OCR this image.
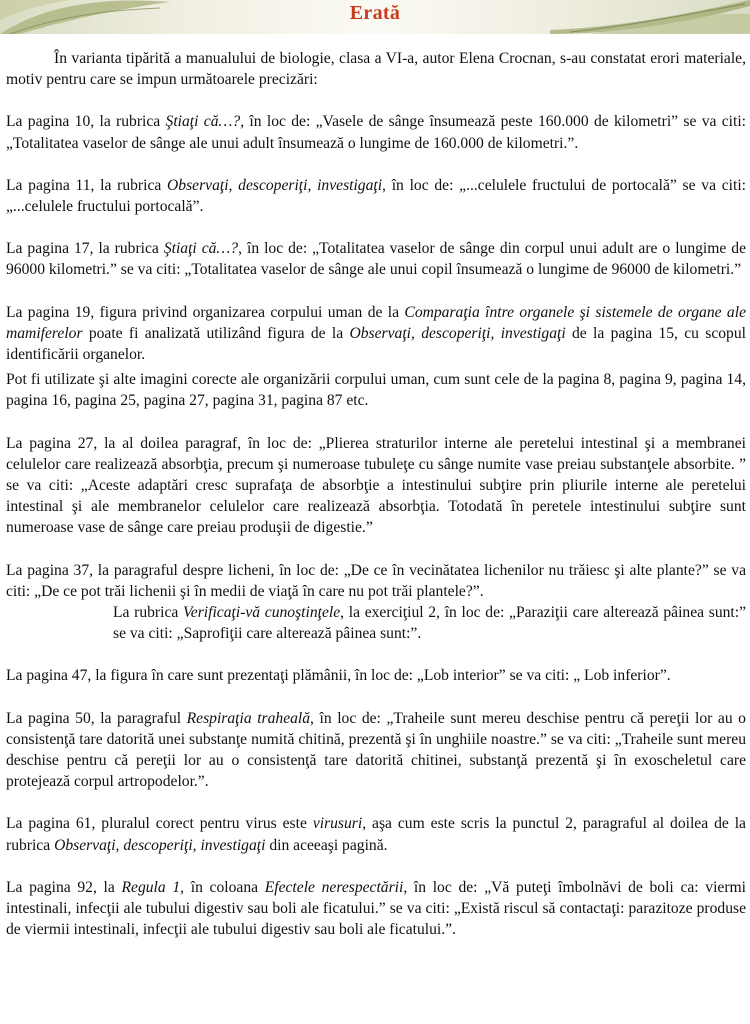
Erată

În varianta tipărită a manualului de biologie, clasa a VI-a, autor Elena Crocnan, s-au constatat erori materiale, motiv pentru care se impun următoarele precizări:

La pagina 10, la rubrica Ştiaţi că…?, în loc de: „Vasele de sânge însumează peste 160.000 de kilometri” se va citi: „Totalitatea vaselor de sânge ale unui adult însumează o lungime de 160.000 de kilometri.”.

La pagina 11, la rubrica Observaţi, descoperiţi, investigaţi, în loc de: „...celulele fructului de portocală” se va citi: „...celulele fructului portocală”.

La pagina 17, la rubrica Ştiaţi că…?, în loc de: „Totalitatea vaselor de sânge din corpul unui adult are o lungime de 96000 kilometri.” se va citi: „Totalitatea vaselor de sânge ale unui copil însumează o lungime de 96000 de kilometri.”

La pagina 19, figura privind organizarea corpului uman de la Comparaţia între organele şi sistemele de organe ale mamiferelor poate fi analizată utilizând figura de la Observaţi, descoperiţi, investigaţi de la pagina 15, cu scopul identificării organelor.

Pot fi utilizate şi alte imagini corecte ale organizării corpului uman, cum sunt cele de la pagina 8, pagina 9, pagina 14, pagina 16, pagina 25, pagina 27, pagina 31, pagina 87 etc.

La pagina 27, la al doilea paragraf, în loc de: „Plierea straturilor interne ale peretelui intestinal şi a membranei celulelor care realizează absorbţia, precum şi numeroase tubuleţe cu sânge numite vase preiau substanţele absorbite. ” se va citi: „Aceste adaptări cresc suprafaţa de absorbţie a intestinului subţire prin pliurile interne ale peretelui intestinal şi ale membranelor celulelor care realizează absorbţia. Totodată în peretele intestinului subţire sunt numeroase vase de sânge care preiau produşii de digestie.”

La pagina 37, la paragraful despre licheni, în loc de: „De ce în vecinătatea lichenilor nu trăiesc şi alte plante?” se va citi: „De ce pot trăi lichenii şi în medii de viaţă în care nu pot trăi plantele?”.

La rubrica Verificaţi-vă cunoştinţele, la exerciţiul 2, în loc de: „Paraziţii care alterează pâinea sunt:” se va citi: „Saprofiţii care alterează pâinea sunt:”.

La pagina 47, la figura în care sunt prezentaţi plămânii, în loc de: „Lob interior” se va citi: „ Lob inferior”.

La pagina 50, la paragraful Respiraţia traheală, în loc de: „Traheile sunt mereu deschise pentru că pereţii lor au o consistenţă tare datorită unei substanţe numită chitină, prezentă şi în unghiile noastre.” se va citi: „Traheile sunt mereu deschise pentru că pereţii lor au o consistenţă tare datorită chitinei, substanţă prezentă şi în exoscheletul care protejează corpul artropodelor.”.

La pagina 61, pluralul corect pentru virus este virusuri, aşa cum este scris la punctul 2, paragraful al doilea de la rubrica Observaţi, descoperiţi, investigaţi din aceeaşi pagină.

La pagina 92, la Regula 1, în coloana Efectele nerespectării, în loc de: „Vă puteţi îmbolnăvi de boli ca: viermi intestinali, infecţii ale tubului digestiv sau boli ale ficatului.” se va citi: „Există riscul să contactaţi: parazitoze produse de viermii intestinali, infecţii ale tubului digestiv sau boli ale ficatului.”.
